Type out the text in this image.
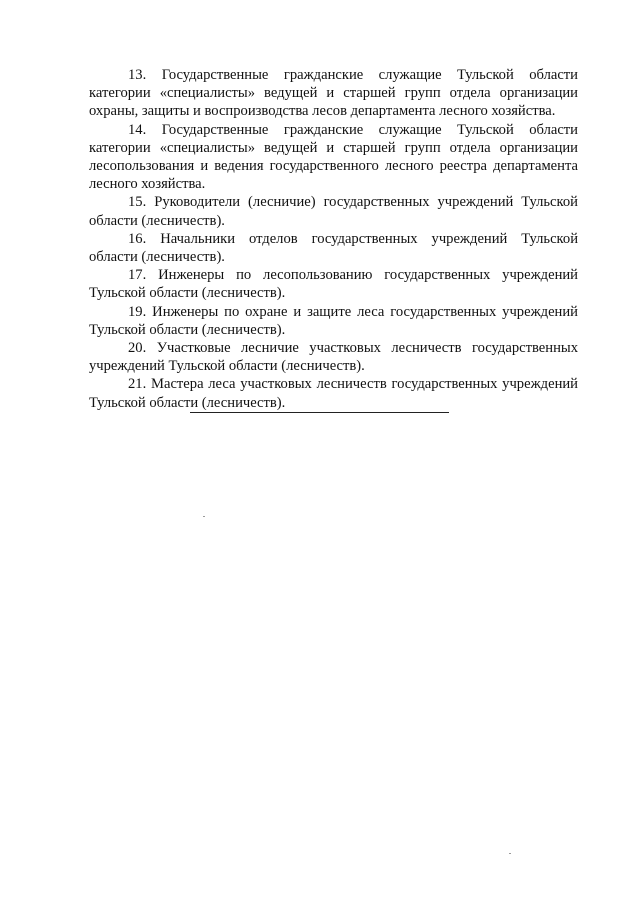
13. Государственные гражданские служащие Тульской области категории «специалисты» ведущей и старшей групп отдела организации охраны, защиты и воспроизводства лесов департамента лесного хозяйства.

14. Государственные гражданские служащие Тульской области категории «специалисты» ведущей и старшей групп отдела организации лесопользования и ведения государственного лесного реестра департамента лесного хозяйства.

15. Руководители (лесничие) государственных учреждений Тульской области (лесничеств).

16. Начальники отделов государственных учреждений Тульской области (лесничеств).

17. Инженеры по лесопользованию государственных учреждений Тульской области (лесничеств).

19. Инженеры по охране и защите леса государственных учреждений Тульской области (лесничеств).

20. Участковые лесничие участковых лесничеств государственных учреждений Тульской области (лесничеств).

21. Мастера леса участковых лесничеств государственных учреждений Тульской области (лесничеств).
